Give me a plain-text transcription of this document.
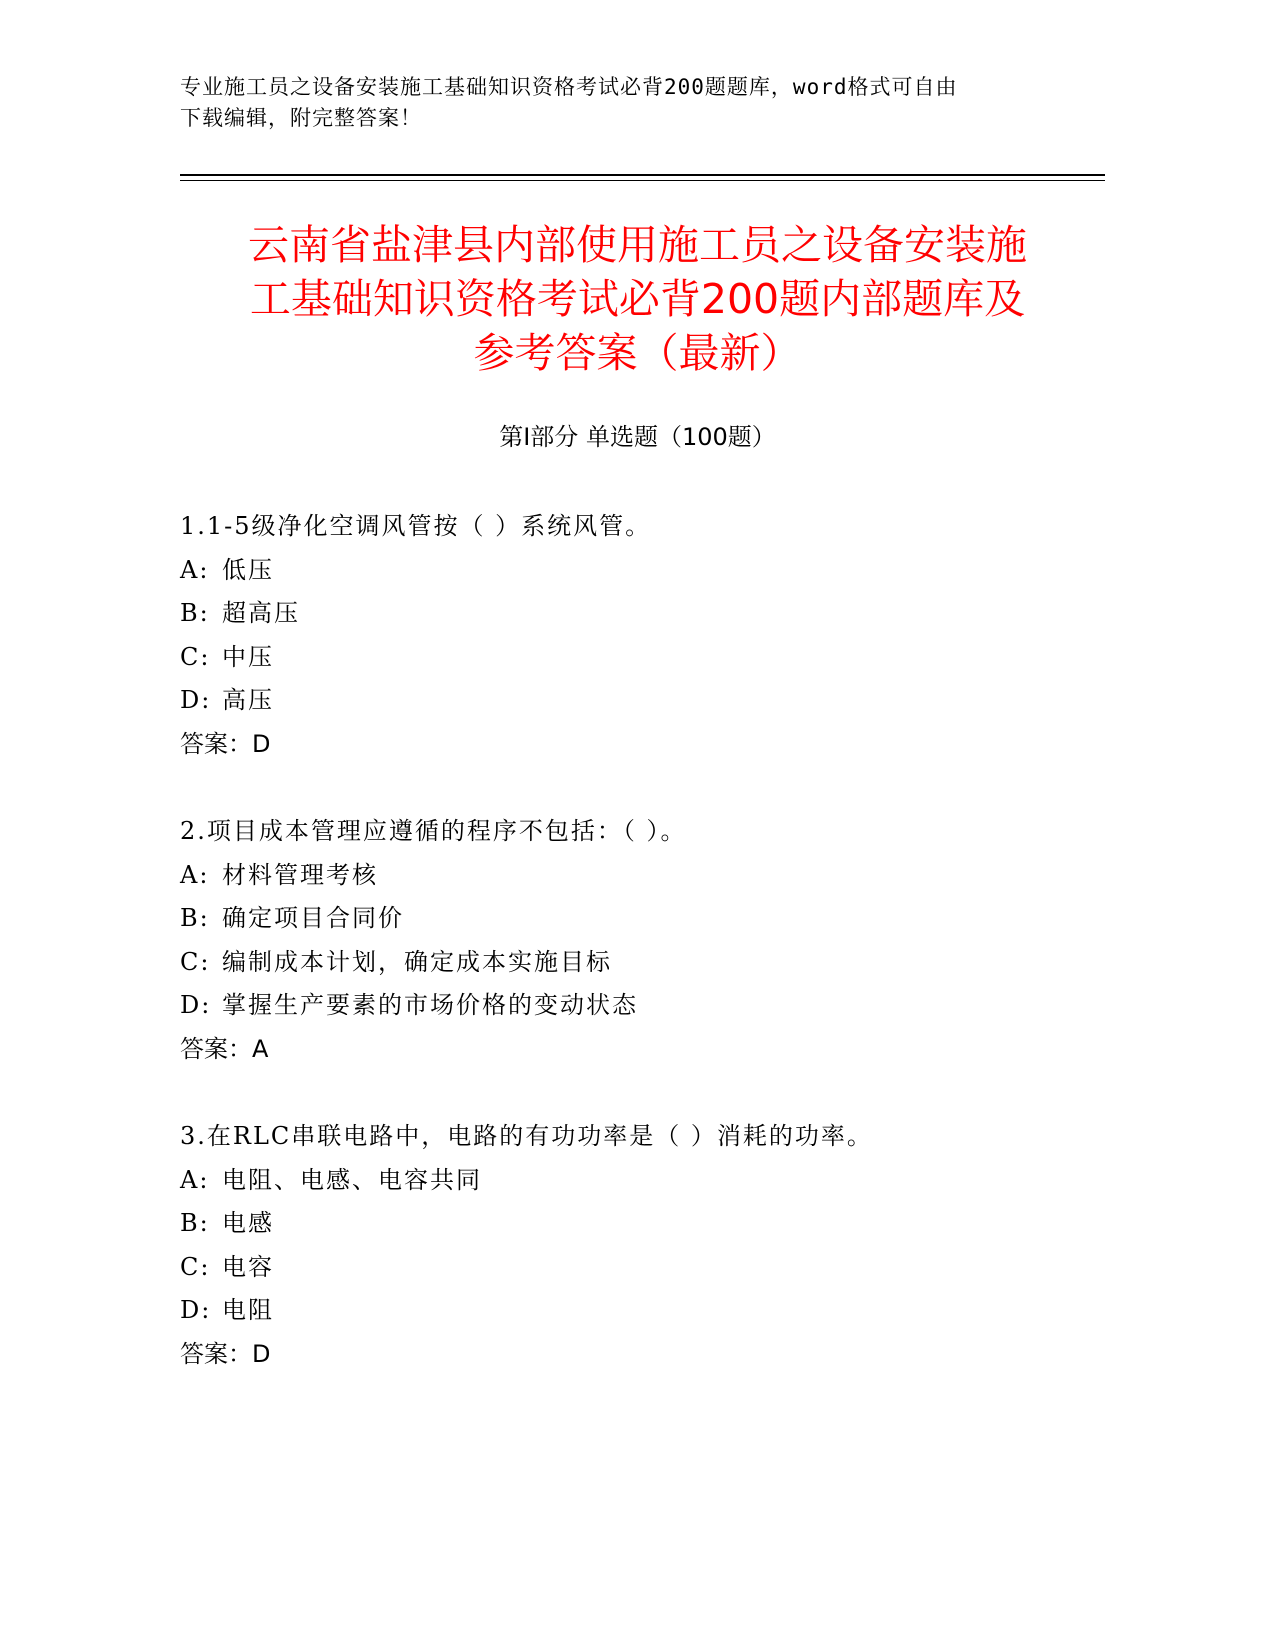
专业施工员之设备安装施工基础知识资格考试必背200题题库，word格式可自由
下载编辑，附完整答案！
云南省盐津县内部使用施工员之设备安装施
工基础知识资格考试必背200题内部题库及
参考答案（最新）
第Ⅰ部分 单选题（100题）
1.1-5级净化空调风管按（ ）系统风管。
A: 低压
B: 超高压
C: 中压
D: 高压
答案：D
2.项目成本管理应遵循的程序不包括：（ ）。
A: 材料管理考核
B: 确定项目合同价
C: 编制成本计划，确定成本实施目标
D: 掌握生产要素的市场价格的变动状态
答案：A
3.在RLC串联电路中，电路的有功功率是（ ）消耗的功率。
A: 电阻、电感、电容共同
B: 电感
C: 电容
D: 电阻
答案：D
